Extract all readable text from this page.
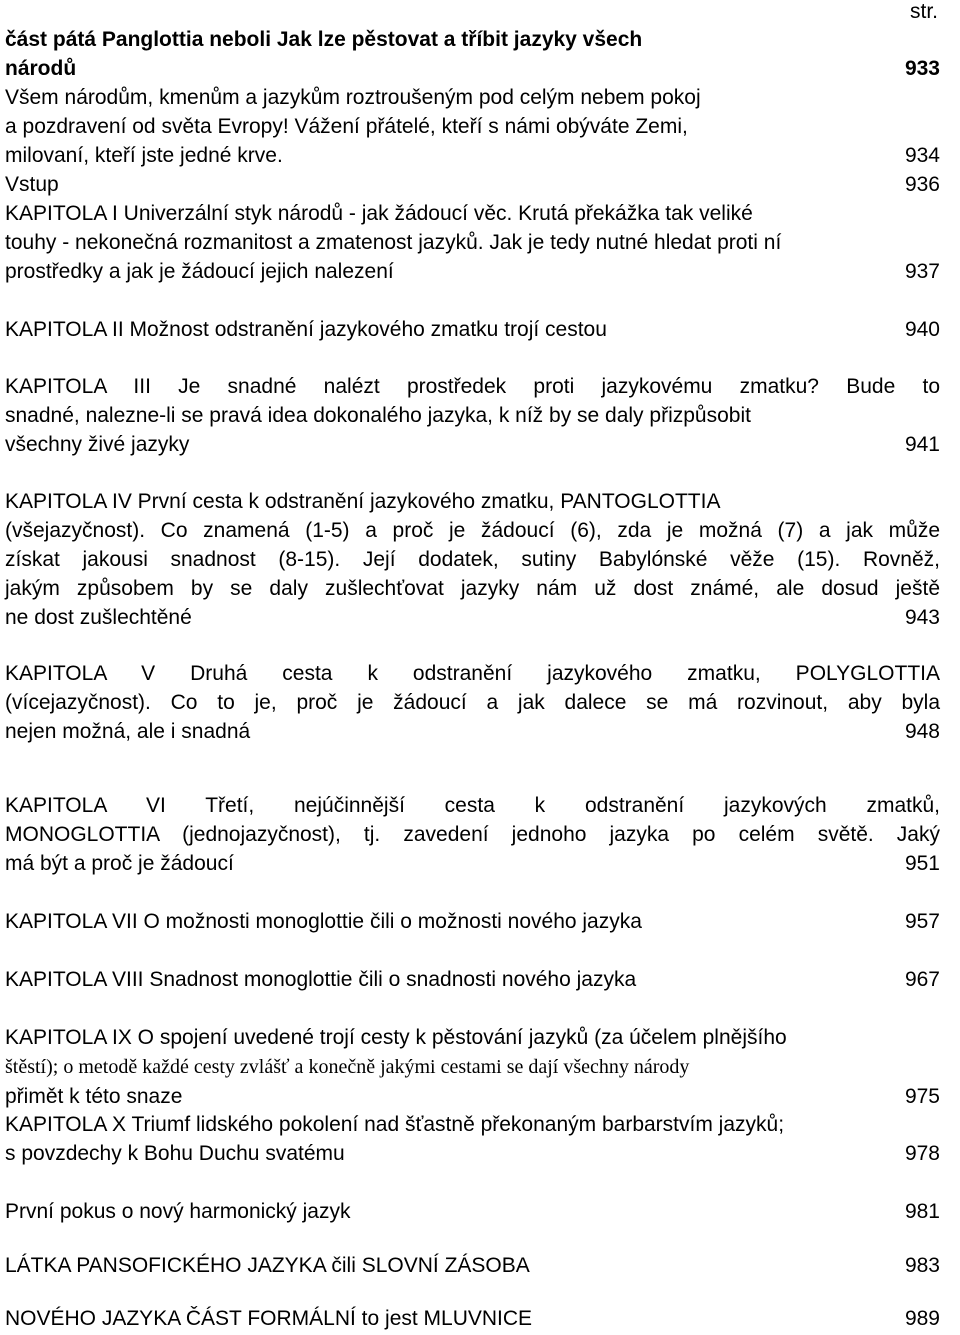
str.
část pátá Panglottia neboli Jak lze pěstovat a tříbit jazyky všech
národů	933
Všem národům, kmenům a jazykům roztroušeným pod celým nebem pokoj
a pozdravení od světa Evropy! Vážení přátelé, kteří s námi obýváte Zemi,
milovaní, kteří jste jedné krve.	934
Vstup	936
KAPITOLA I Univerzální styk národů - jak žádoucí věc. Krutá překážka tak veliké
touhy - nekonečná rozmanitost a zmatenost jazyků. Jak je tedy nutné hledat proti ní
prostředky a jak je žádoucí jejich nalezení	937
KAPITOLA II Možnost odstranění jazykového zmatku trojí cestou	940
KAPITOLA III Je snadné nalézt prostředek proti jazykovému zmatku? Bude to
snadné, nalezne-li se pravá idea dokonalého jazyka, k níž by se daly přizpůsobit
všechny živé jazyky	941
KAPITOLA IV První cesta k odstranění jazykového zmatku, PANTOGLOTTIA
(všejazyčnost). Co znamená (1-5) a proč je žádoucí (6), zda je možná (7) a jak může
získat jakousi snadnost (8-15). Její dodatek, sutiny Babylónské věže (15). Rovněž,
jakým způsobem by se daly zušlechťovat jazyky nám už dost známé, ale dosud ještě
ne dost zušlechtěné	943
KAPITOLA V Druhá cesta k odstranění jazykového zmatku, POLYGLOTTIA
(vícejazyčnost). Co to je, proč je žádoucí a jak dalece se má rozvinout, aby byla
nejen možná, ale i snadná	948
KAPITOLA VI Třetí, nejúčinnější cesta k odstranění jazykových zmatků,
MONOGLOTTIA (jednojazyčnost), tj. zavedení jednoho jazyka po celém světě. Jaký
má být a proč je žádoucí	951
KAPITOLA VII O možnosti monoglottie čili o možnosti nového jazyka	957
KAPITOLA VIII Snadnost monoglottie čili o snadnosti nového jazyka	967
KAPITOLA IX O spojení uvedené trojí cesty k pěstování jazyků (za účelem plnějšího
štěstí); o metodě každé cesty zvlášť a konečně jakými cestami se dají všechny národy
přimět k této snaze	975
KAPITOLA X Triumf lidského pokolení nad šťastně překonaným barbarstvím jazyků;
s povzdechy k Bohu Duchu svatému	978
První pokus o nový harmonický jazyk	981
LÁTKA PANSOFICKÉHO JAZYKA čili SLOVNÍ ZÁSOBA	983
NOVÉHO JAZYKA ČÁST FORMÁLNÍ to jest MLUVNICE	989
